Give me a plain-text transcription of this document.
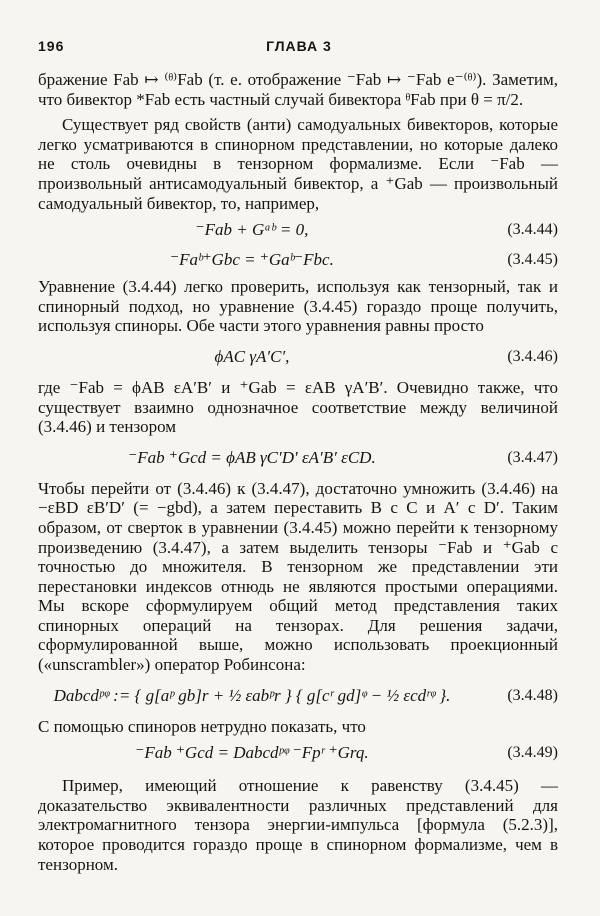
196	ГЛАВА 3

бражение Fab ↦ ⁽ᶿ⁾Fab (т. е. отображение ⁻Fab ↦ ⁻Fab e⁻⁽ᶿ⁾). Заметим, что бивектор *Fab есть частный случай бивектора ᶿFab при θ = π/2.

Существует ряд свойств (анти) самодуальных бивекторов, которые легко усматриваются в спинорном представлении, но которые далеко не столь очевидны в тензорном формализме. Если ⁻Fab — произвольный антисамодуальный бивектор, а ⁺Gab — произвольный самодуальный бивектор, то, например,

⁻Fab + Gᵃᵇ = 0,	(3.4.44)
⁻Faᵇ⁺Gbc = ⁺Gaᵇ⁻Fbc.	(3.4.45)

Уравнение (3.4.44) легко проверить, используя как тензорный, так и спинорный подход, но уравнение (3.4.45) гораздо проще получить, используя спиноры. Обе части этого уравнения равны просто

ϕAC γA′C′,	(3.4.46)

где ⁻Fab = ϕAB εA′B′ и ⁺Gab = εAB γA′B′. Очевидно также, что существует взаимно однозначное соответствие между величиной (3.4.46) и тензором

⁻Fab ⁺Gcd = ϕAB γC′D′ εA′B′ εCD.	(3.4.47)

Чтобы перейти от (3.4.46) к (3.4.47), достаточно умножить (3.4.46) на −εBD εB′D′ (= −gbd), а затем переставить B с C и A′ с D′. Таким образом, от сверток в уравнении (3.4.45) можно перейти к тензорному произведению (3.4.47), а затем выделить тензоры ⁻Fab и ⁺Gab с точностью до множителя. В тензорном же представлении эти перестановки индексов отнюдь не являются простыми операциями. Мы вскоре сформулируем общий метод представления таких спинорных операций на тензорах. Для решения задачи, сформулированной выше, можно использовать проекционный («unscrambler») оператор Робинсона:

Dabcdᵖᵠ := { g[aᵖ gb]r + ½ εabᵖr } { g[cʳ gd]ᵠ − ½ εcdʳᵠ }.	(3.4.48)

С помощью спиноров нетрудно показать, что

⁻Fab ⁺Gcd = Dabcdᵖᵠ ⁻Fpʳ ⁺Grq.	(3.4.49)

Пример, имеющий отношение к равенству (3.4.45) — доказательство эквивалентности различных представлений для электромагнитного тензора энергии-импульса [формула (5.2.3)], которое проводится гораздо проще в спинорном формализме, чем в тензорном.
